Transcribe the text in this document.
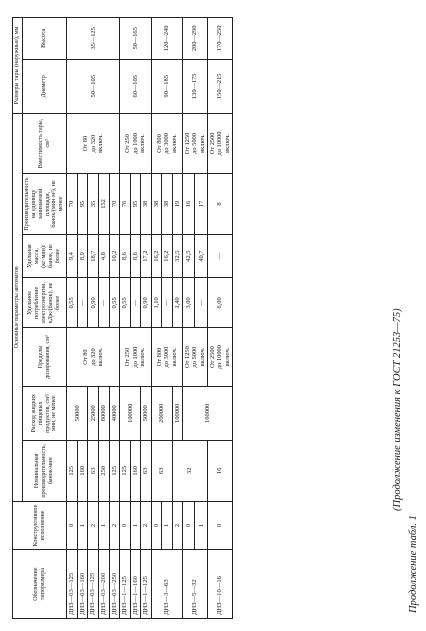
(Продолжение изменения к ГОСТ 21253—75)
Продолжение табл. 1
Обозначение типоразмера	Конструктивное исполнение	Основные параметры автоматов							Размеры тары (наружные), мм	
		Номинальная производительность, банок/мин	Расход жидких пищевых продуктов, см³/мин, не менее	Пределы дозирования, см³	Удельное потребление электроэнергии, кДж/(банок), не более	Удельная масса, (кг·мин)/банок, не более	Производительность на единицу занимаемой площади, банок/(мин·м²), не менее	Вместимость тары, см³	Диаметр	Высота
ДНЗ—03—125	0	125	50000	От 80
до 320
включ.	0,55	9,4	70	От 80
до 320
включ.	50—105	35—125
ДНЗ—03—160	1	160			—	8,9	95			
ДНЗ—03—125	2	63	25000		0,90	18,7	35			
ДНЗ—03—200	1	250	80000		—	4,8	152			
ДНЗ—03—250	2	125	40000		0,55	10,2	70			
ДНЗ—1—125	0	125	100000	От 250
до 1000
включ.	0,55	8,6	76	От 250
до 1000
включ.	60—105	50—165
ДНЗ—1—160	1	160			—	8,6	95			
ДНЗ—1—125	2	63	50000		0,90	17,2	38			
ДНЗ—3—63	0	63	200000	От 800
до 3000
включ.	1,10	16,2	38	От 800
до 3000
включ.	90—185	120—240
	1				—	16,2	38			
	2	32	100000		1,40	32,5	19			
ДНЗ—5—32	0		160000	От 1250
до 5000
включ.	3,00	42,5	16	От 1250
до 5000
включ.	130—175	200—290
	1				—	40,7	17			
ДНЗ—10—16	0	16		От 2500
до 10000
включ.	6,00	—	8	От 2500
до 10000
включ.	150—215	170—250
